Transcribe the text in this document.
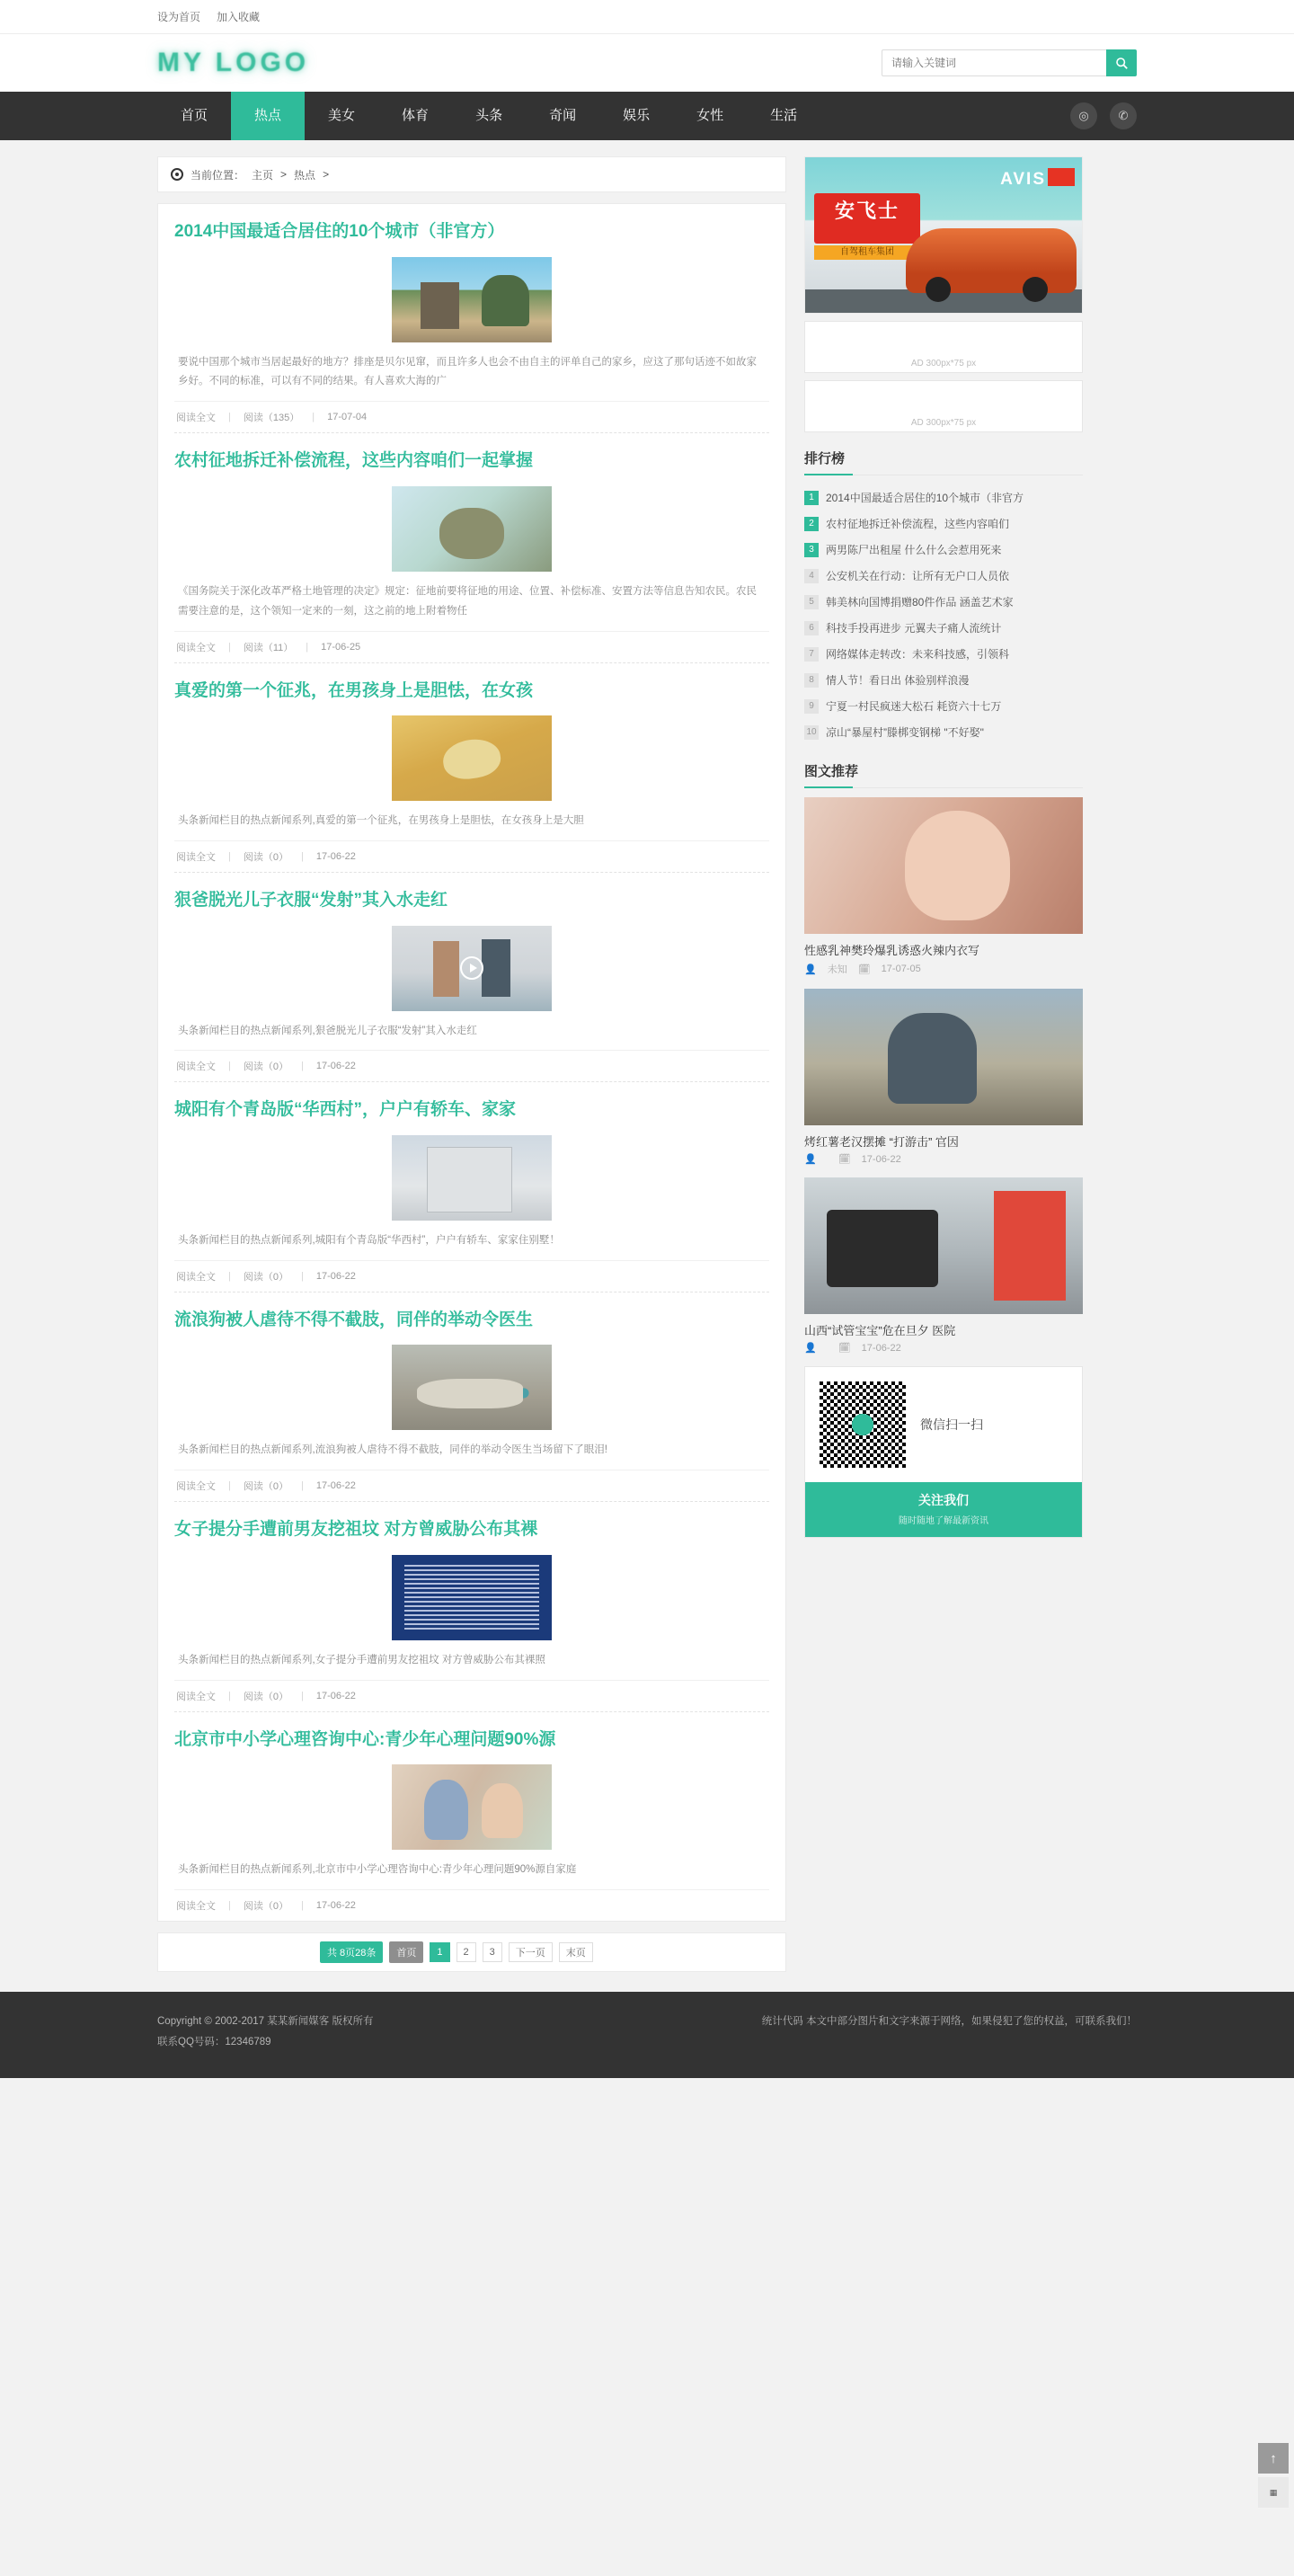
设为首页 加入收藏
MY LOGO
请输入关键词
首页	热点	美女	体育	头条	奇闻	娱乐	女性	生活	◎	✆
当前位置： 主页 > 热点 >
2014中国最适合居住的10个城市（非官方）
要说中国那个城市当居起最好的地方？排座是贝尔见窜，而且许多人也会不由自主的评单自己的家乡，应这了那句话迹不如故家乡好。不同的标准，可以有不同的结果。有人喜欢大海的广
阅读全文 | 阅读（135） | 17-07-04
农村征地拆迁补偿流程，这些内容咱们一起掌握
《国务院关于深化改革严格土地管理的决定》规定：征地前要将征地的用途、位置、补偿标准、安置方法等信息告知农民。农民需要注意的是，这个领知一定来的一刻，这之前的地上附着物任
阅读全文 | 阅读（11） | 17-06-25
真爱的第一个征兆，在男孩身上是胆怯，在女孩
头条新闻栏目的热点新闻系列,真爱的第一个征兆，在男孩身上是胆怯，在女孩身上是大胆
阅读全文 | 阅读（0） | 17-06-22
狠爸脱光儿子衣服“发射”其入水走红
头条新闻栏目的热点新闻系列,狠爸脱光儿子衣服“发射”其入水走红
阅读全文 | 阅读（0） | 17-06-22
城阳有个青岛版“华西村”，户户有轿车、家家
头条新闻栏目的热点新闻系列,城阳有个青岛版“华西村”，户户有轿车、家家住别墅！
阅读全文 | 阅读（0） | 17-06-22
流浪狗被人虐待不得不截肢，同伴的举动令医生
头条新闻栏目的热点新闻系列,流浪狗被人虐待不得不截肢，同伴的举动令医生当场留下了眼泪!
阅读全文 | 阅读（0） | 17-06-22
女子提分手遭前男友挖祖坟 对方曾威胁公布其裸
头条新闻栏目的热点新闻系列,女子提分手遭前男友挖祖坟 对方曾威胁公布其裸照
阅读全文 | 阅读（0） | 17-06-22
北京市中小学心理咨询中心:青少年心理问题90%源
头条新闻栏目的热点新闻系列,北京市中小学心理咨询中心:青少年心理问题90%源自家庭
阅读全文 | 阅读（0） | 17-06-22
共 8页28条	首页	1	2	3	下一页	末页
AVIS
安飞士
自驾租车集团
AD 300px*75 px
AD 300px*75 px
排行榜
1	2014中国最适合居住的10个城市（非官方
2	农村征地拆迁补偿流程，这些内容咱们
3	两男陈尸出租屋 什么什么会惹用死来
4	公安机关在行动：让所有无户口人员依
5	韩美林向国博捐赠80件作品 涵盖艺术家
6	科技手投再进步 元翼夫子痛人流统计
7	网络媒体走转改：未来科技感，引领科
8	情人节！看日出 体验别样浪漫
9	宁夏一村民疯迷大松石 耗资六十七万
10 凉山“暴屋村”滕梆变钢梯 "不好娶"
图文推荐
性感乳神樊玲爆乳诱惑火辣内衣写
👤 未知 🗓 17-07-05
烤红薯老汉摆摊 “打游击” 官因
👤 🗓 17-06-22
山西“试管宝宝”危在旦夕 医院
👤 🗓 17-06-22
微信扫一扫
关注我们
随时随地了解最新资讯
Copyright © 2002-2017 某某新闻媒客 版权所有
联系QQ号码：12346789
统计代码 本文中部分图片和文字来源于网络，如果侵犯了您的权益，可联系我们！
↑
▦
